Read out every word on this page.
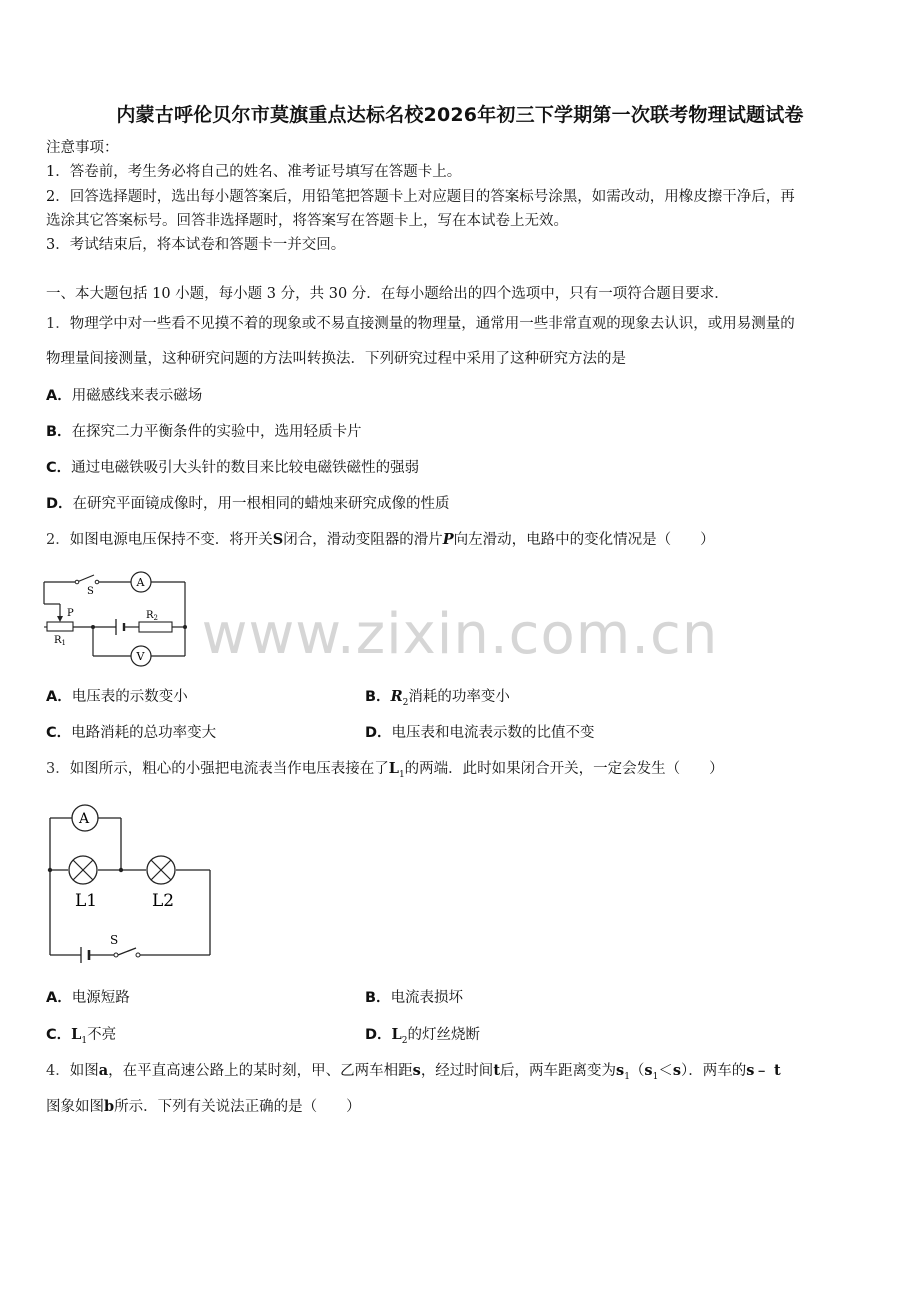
内蒙古呼伦贝尔市莫旗重点达标名校2026年初三下学期第一次联考物理试题试卷
注意事项：
1．答卷前，考生务必将自己的姓名、准考证号填写在答题卡上。
2．回答选择题时，选出每小题答案后，用铅笔把答题卡上对应题目的答案标号涂黑，如需改动，用橡皮擦干净后，再
选涂其它答案标号。回答非选择题时，将答案写在答题卡上，写在本试卷上无效。
3．考试结束后，将本试卷和答题卡一并交回。
一、本大题包括 10 小题，每小题 3 分，共 30 分．在每小题给出的四个选项中，只有一项符合题目要求．
1．物理学中对一些看不见摸不着的现象或不易直接测量的物理量，通常用一些非常直观的现象去认识，或用易测量的
物理量间接测量，这种研究问题的方法叫转换法．下列研究过程中采用了这种研究方法的是
A．用磁感线来表示磁场
B．在探究二力平衡条件的实验中，选用轻质卡片
C．通过电磁铁吸引大头针的数目来比较电磁铁磁性的强弱
D．在研究平面镜成像时，用一根相同的蜡烛来研究成像的性质
2．如图电源电压保持不变．将开关S闭合，滑动变阻器的滑片P向左滑动，电路中的变化情况是（　　）
S
A
P
$R_1$
$R_2$
V	www.zixin.com.cn
A．电压表的示数变小	B．$R_2$消耗的功率变小
C．电路消耗的总功率变大	D．电压表和电流表示数的比值不变
3．如图所示，粗心的小强把电流表当作电压表接在了$L_1$的两端．此时如果闭合开关，一定会发生（　　）
A
L1	L2
S
A．电源短路	B．电流表损坏
C．$L_1$不亮	D．$L_2$的灯丝烧断
4．如图a，在平直高速公路上的某时刻，甲、乙两车相距s，经过时间t后，两车距离变为$s_1(s_1<s)$．两车的s﹣ t
图象如图b所示．下列有关说法正确的是（　　）
